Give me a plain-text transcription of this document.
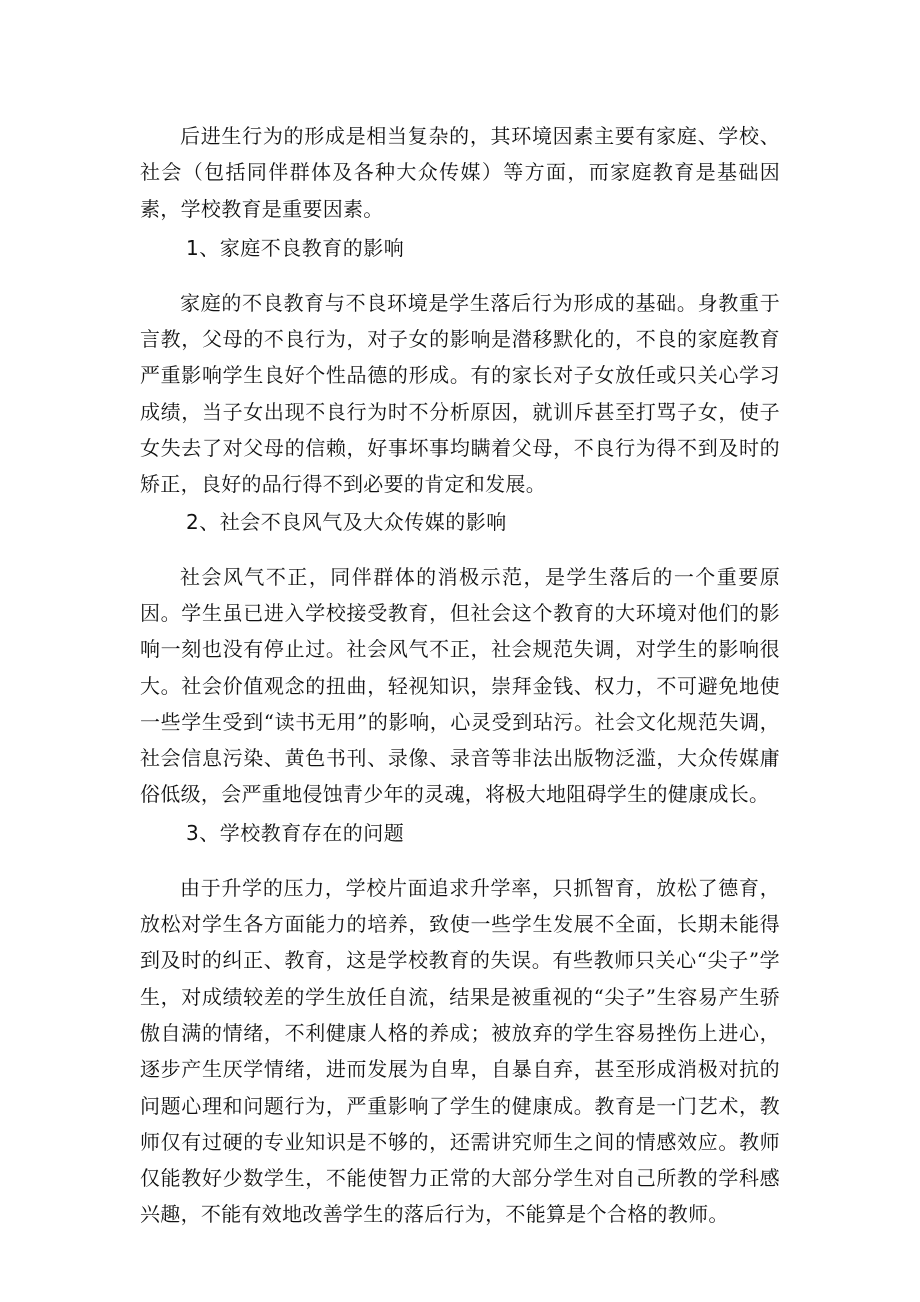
后进生行为的形成是相当复杂的，其环境因素主要有家庭、学校、社会（包括同伴群体及各种大众传媒）等方面，而家庭教育是基础因素，学校教育是重要因素。

1、家庭不良教育的影响

家庭的不良教育与不良环境是学生落后行为形成的基础。身教重于言教，父母的不良行为，对子女的影响是潜移默化的，不良的家庭教育严重影响学生良好个性品德的形成。有的家长对子女放任或只关心学习成绩，当子女出现不良行为时不分析原因，就训斥甚至打骂子女，使子女失去了对父母的信赖，好事坏事均瞒着父母，不良行为得不到及时的矫正，良好的品行得不到必要的肯定和发展。

2、社会不良风气及大众传媒的影响

社会风气不正，同伴群体的消极示范，是学生落后的一个重要原因。学生虽已进入学校接受教育，但社会这个教育的大环境对他们的影响一刻也没有停止过。社会风气不正，社会规范失调，对学生的影响很大。社会价值观念的扭曲，轻视知识，崇拜金钱、权力，不可避免地使一些学生受到“读书无用”的影响，心灵受到玷污。社会文化规范失调，社会信息污染、黄色书刊、录像、录音等非法出版物泛滥，大众传媒庸俗低级，会严重地侵蚀青少年的灵魂，将极大地阻碍学生的健康成长。

3、学校教育存在的问题

由于升学的压力，学校片面追求升学率，只抓智育，放松了德育，放松对学生各方面能力的培养，致使一些学生发展不全面，长期未能得到及时的纠正、教育，这是学校教育的失误。有些教师只关心“尖子”学生，对成绩较差的学生放任自流，结果是被重视的“尖子”生容易产生骄傲自满的情绪，不利健康人格的养成；被放弃的学生容易挫伤上进心，逐步产生厌学情绪，进而发展为自卑，自暴自弃，甚至形成消极对抗的问题心理和问题行为，严重影响了学生的健康成。教育是一门艺术，教师仅有过硬的专业知识是不够的，还需讲究师生之间的情感效应。教师仅能教好少数学生，不能使智力正常的大部分学生对自己所教的学科感兴趣，不能有效地改善学生的落后行为，不能算是个合格的教师。
